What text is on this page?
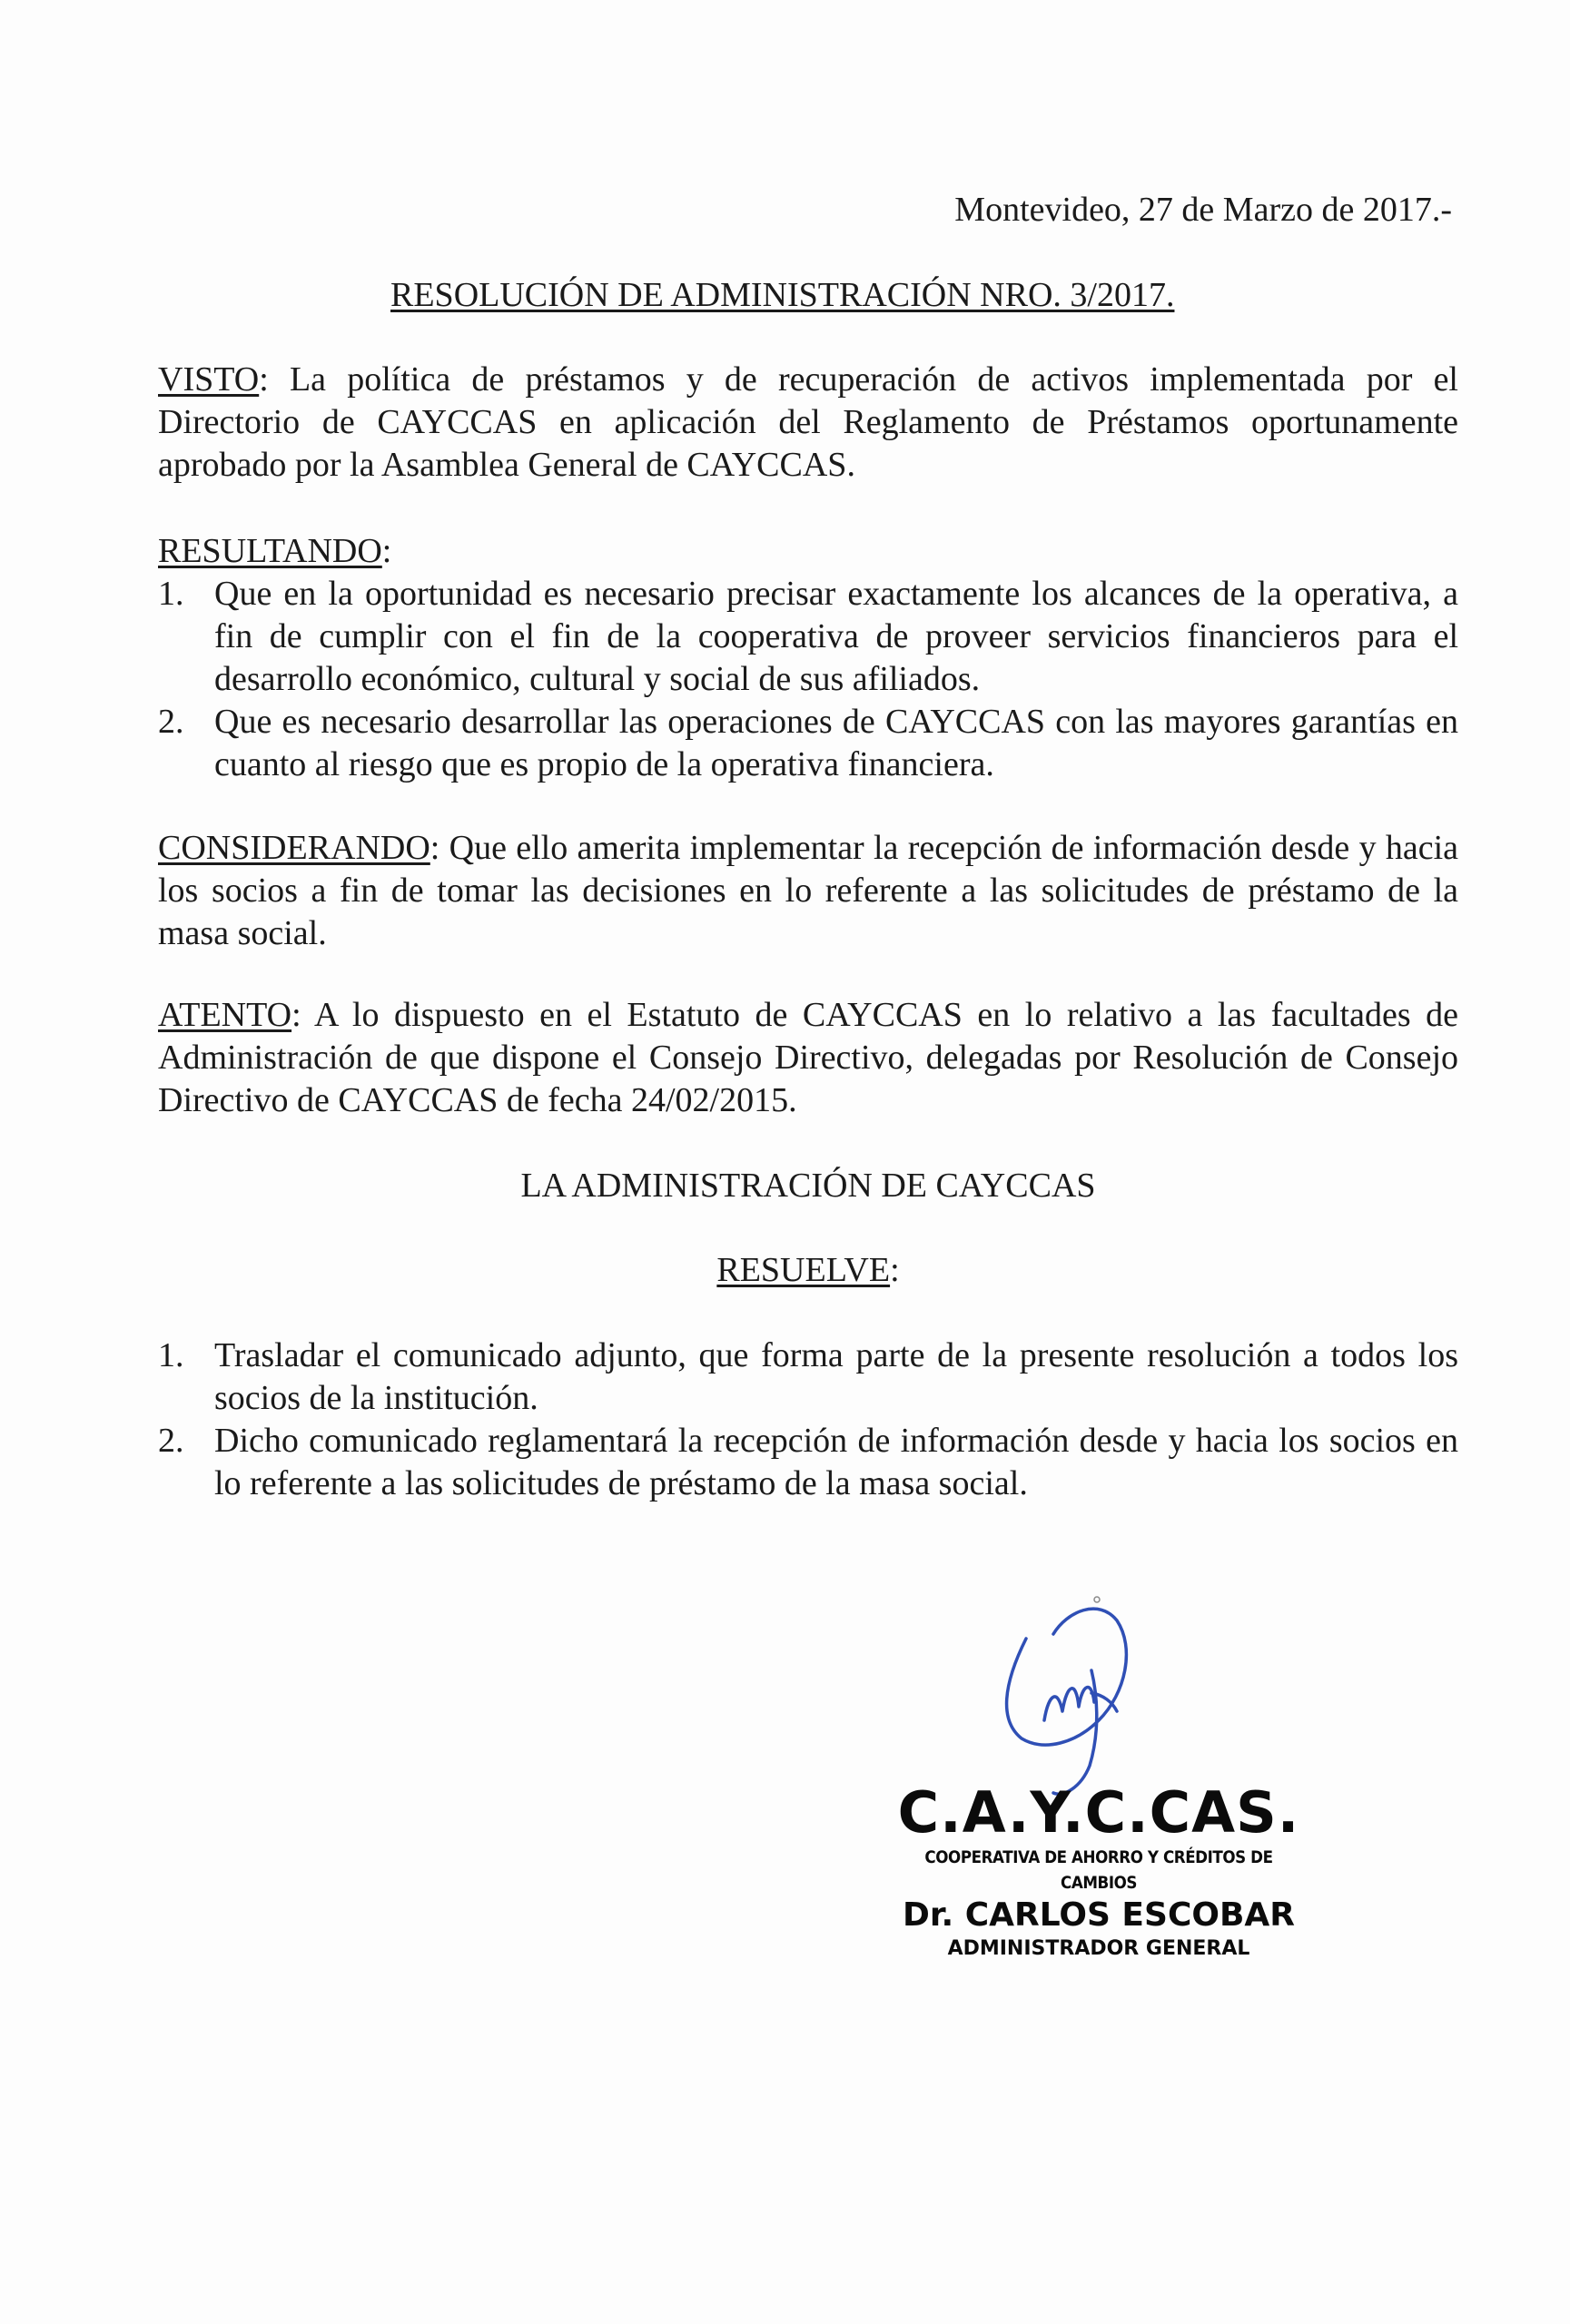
Montevideo, 27 de Marzo de 2017.-
RESOLUCIÓN DE ADMINISTRACIÓN NRO. 3/2017.

VISTO: La política de préstamos y de recuperación de activos implementada por el Directorio de CAYCCAS en aplicación del Reglamento de Préstamos oportunamente aprobado por la Asamblea General de CAYCCAS.

RESULTANDO:

1. Que en la oportunidad es necesario precisar exactamente los alcances de la operativa, a fin de cumplir con el fin de la cooperativa de proveer servicios financieros para el desarrollo económico, cultural y social de sus afiliados.
2. Que es necesario desarrollar las operaciones de CAYCCAS con las mayores garantías en cuanto al riesgo que es propio de la operativa financiera.

CONSIDERANDO: Que ello amerita implementar la recepción de información desde y hacia los socios a fin de tomar las decisiones en lo referente a las solicitudes de préstamo de la masa social.

ATENTO: A lo dispuesto en el Estatuto de CAYCCAS en lo relativo a las facultades de Administración de que dispone el Consejo Directivo, delegadas por Resolución de Consejo Directivo de CAYCCAS de fecha 24/02/2015.

LA ADMINISTRACIÓN DE CAYCCAS
RESUELVE:
1. Trasladar el comunicado adjunto, que forma parte de la presente resolución a todos los socios de la institución.
2. Dicho comunicado reglamentará la recepción de información desde y hacia los socios en lo referente a las solicitudes de préstamo de la masa social.
C.A.Y.C.CAS.
COOPERATIVA DE AHORRO Y CRÉDITOS DE CAMBIOS
Dr. CARLOS ESCOBAR
ADMINISTRADOR GENERAL
